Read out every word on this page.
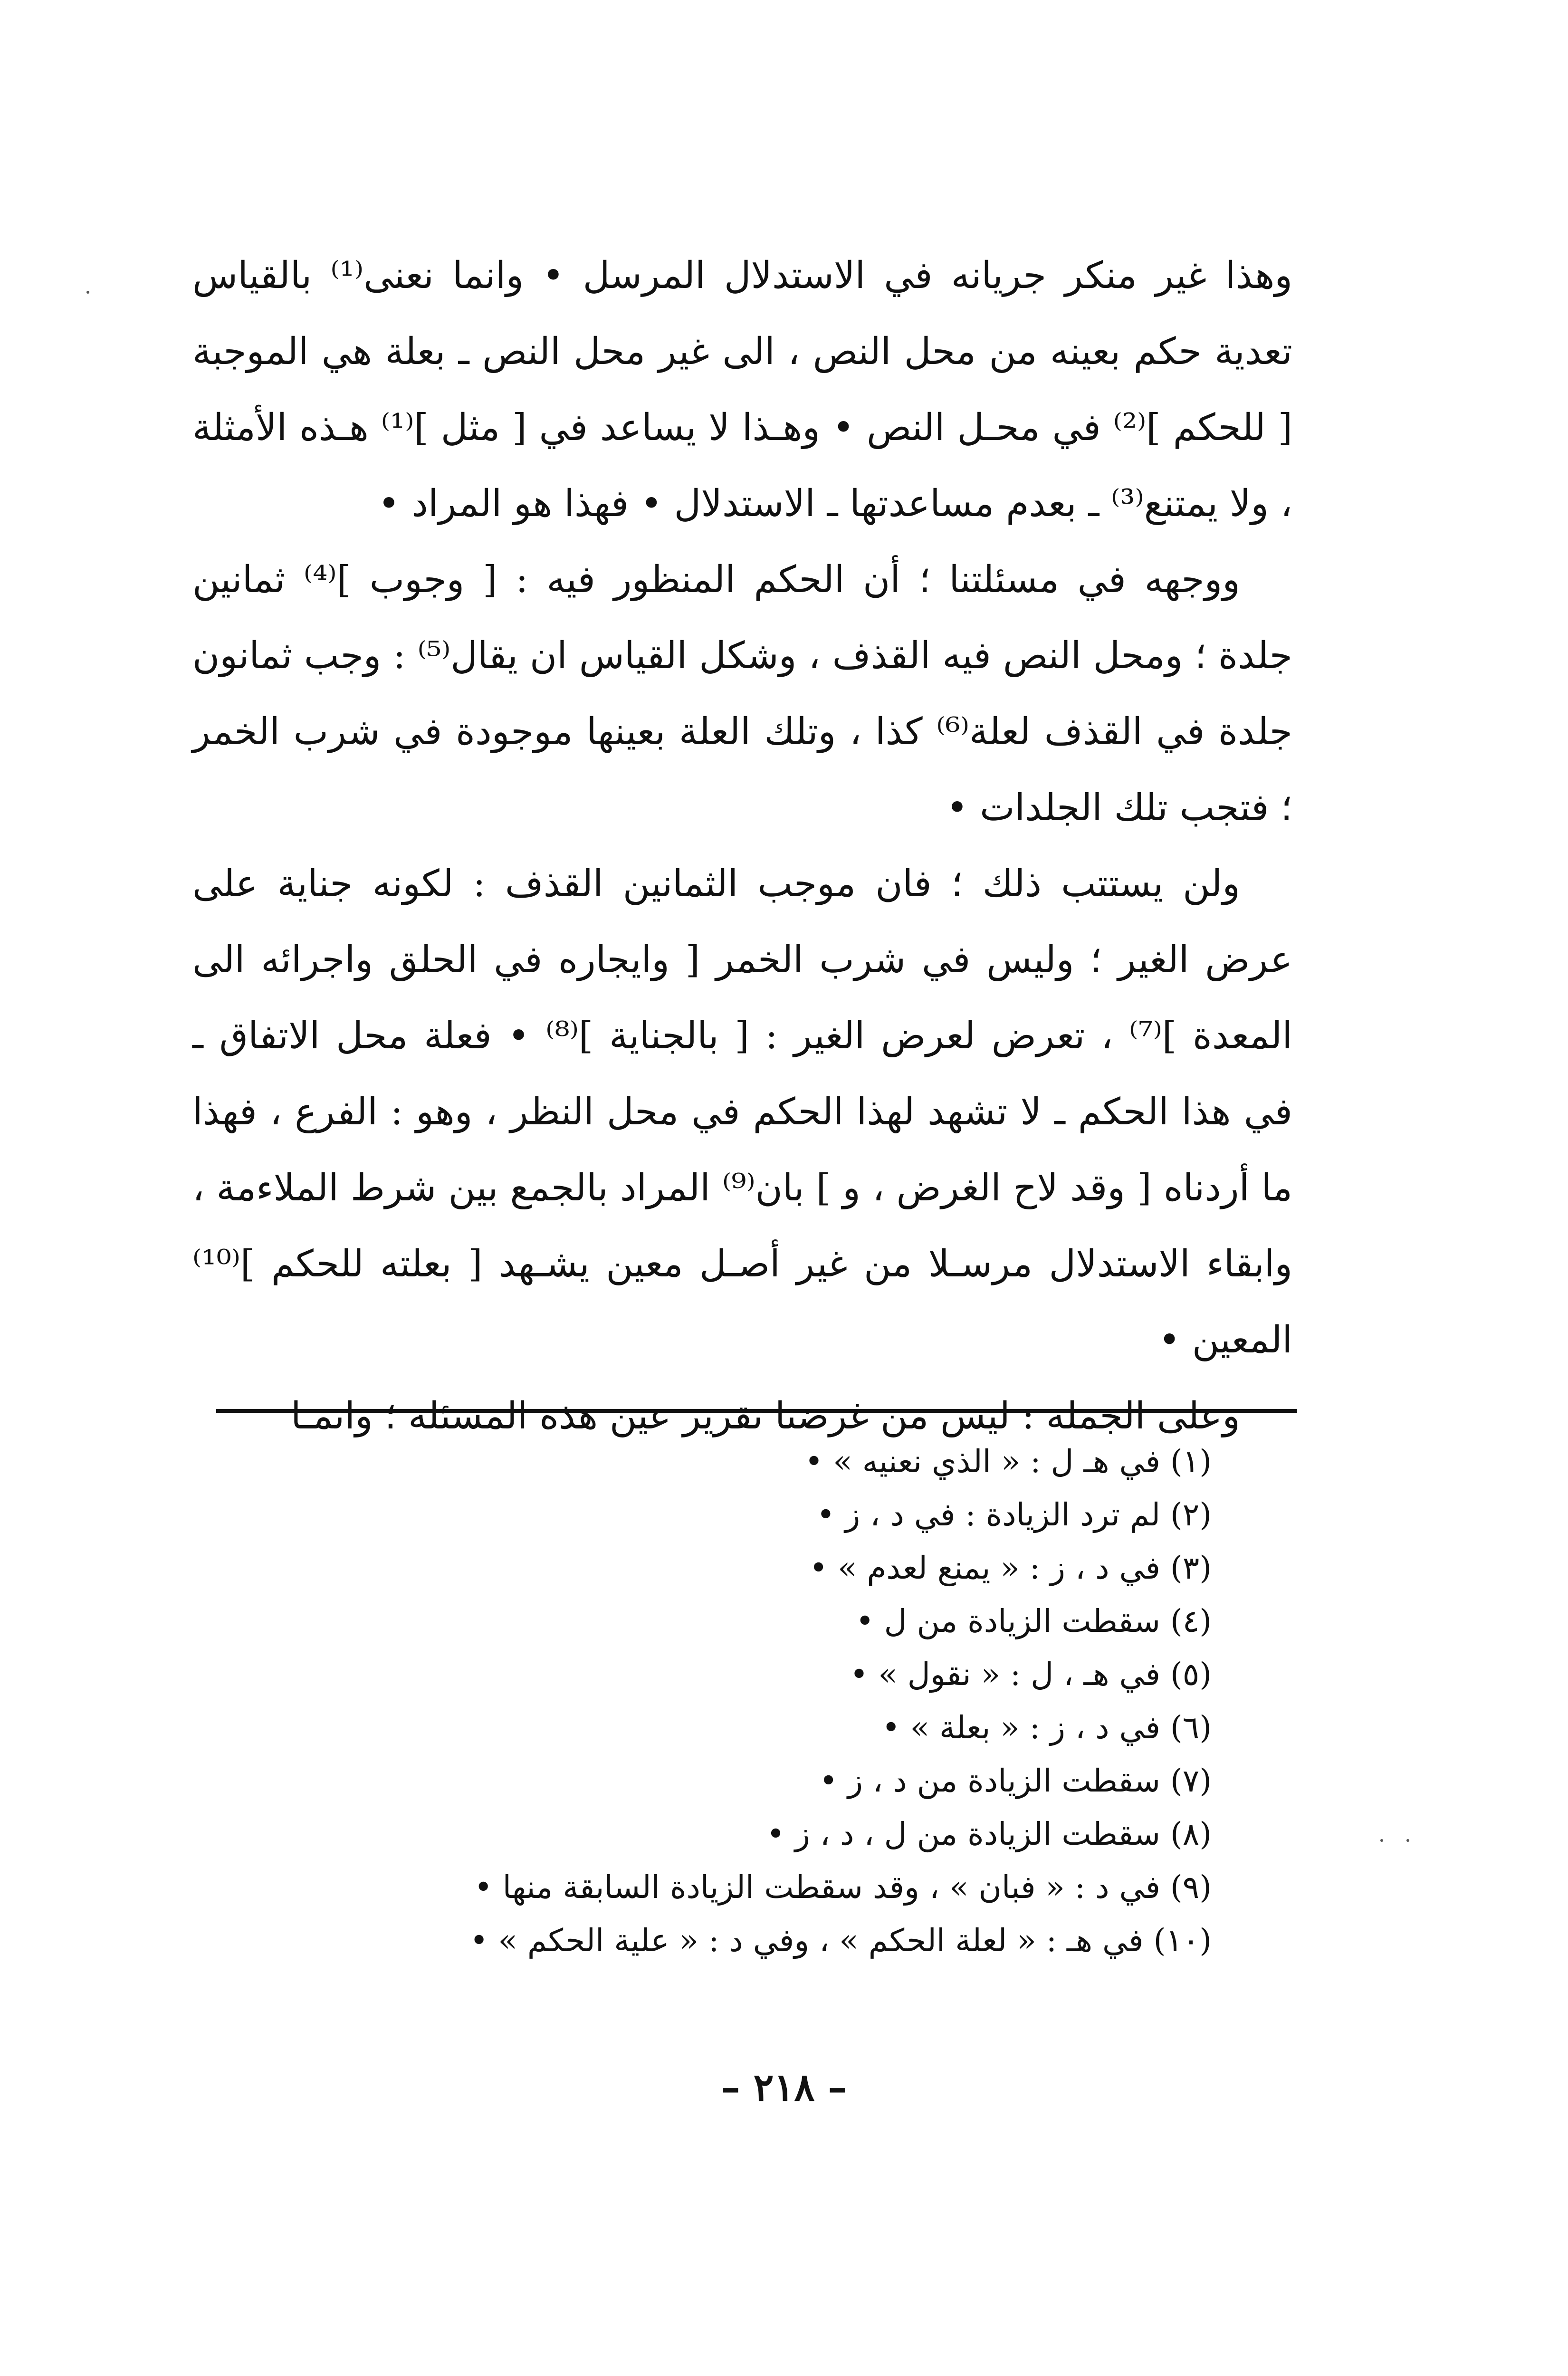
وهذا غير منكر جريانه في الاستدلال المرسل • وانما نعنى⁽¹⁾ بالقياس تعدية حكم بعينه من محل النص ، الى غير محل النص ـ بعلة هي الموجبة [ للحكم ]⁽²⁾ في محـل النص • وهـذا لا يساعد في [ مثل ]⁽¹⁾ هـذه الأمثلة ، ولا يمتنع⁽³⁾ ـ بعدم مساعدتها ـ الاستدلال • فهذا هو المراد •

ووجهه في مسئلتنا ؛ أن الحكم المنظور فيه : [ وجوب ]⁽⁴⁾ ثمانين جلدة ؛ ومحل النص فيه القذف ، وشكل القياس ان يقال⁽⁵⁾ : وجب ثمانون جلدة في القذف لعلة⁽⁶⁾ كذا ، وتلك العلة بعينها موجودة في شرب الخمر ؛ فتجب تلك الجلدات •

ولن يستتب ذلك ؛ فان موجب الثمانين القذف : لكونه جناية على عرض الغير ؛ وليس في شرب الخمر [ وايجاره في الحلق واجرائه الى المعدة ]⁽⁷⁾ ، تعرض لعرض الغير : [ بالجناية ]⁽⁸⁾ • فعلة محل الاتفاق ـ في هذا الحكم ـ لا تشهد لهذا الحكم في محل النظر ، وهو : الفرع ، فهذا ما أردناه [ وقد لاح الغرض ، و ] بان⁽⁹⁾ المراد بالجمع بين شرط الملاءمة ، وابقاء الاستدلال مرسـلا من غير أصـل معين يشـهد [ بعلته للحكم ]⁽¹⁰⁾ المعين •

وعلى الجملة : ليس من غرضنا تقرير عين هذه المسئلة ؛ وانمـا

(١) في هـ ل : « الذي نعنيه » •
(٢) لم ترد الزيادة : في د ، ز •
(٣) في د ، ز : « يمنع لعدم » •
(٤) سقطت الزيادة من ل •
(٥) في هـ ، ل : « نقول » •
(٦) في د ، ز : « بعلة » •
(٧) سقطت الزيادة من د ، ز •
(٨) سقطت الزيادة من ل ، د ، ز •
(٩) في د : « فبان » ، وقد سقطت الزيادة السابقة منها •
(١٠) في هـ : « لعلة الحكم » ، وفي د : « علية الحكم » •
– ٢١٨ –
